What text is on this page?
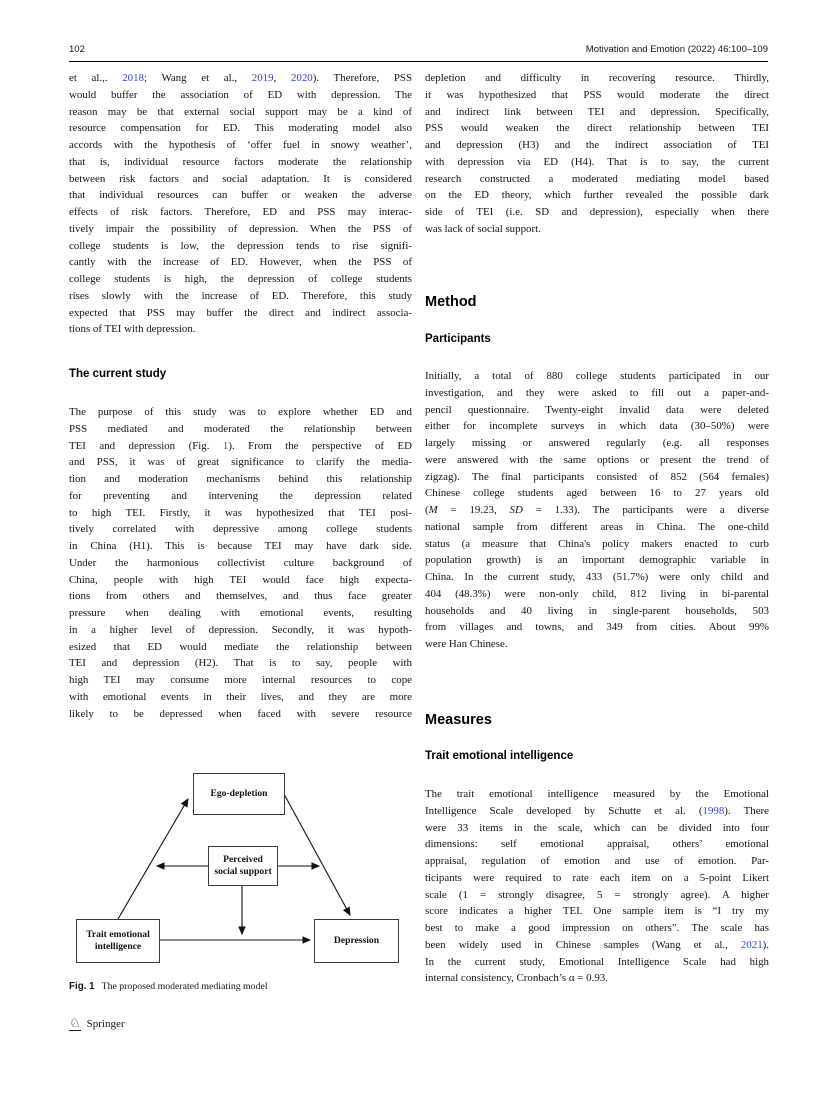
102	Motivation and Emotion (2022) 46:100–109
et al.,. 2018; Wang et al., 2019, 2020). Therefore, PSS
would buffer the association of ED with depression. The
reason may be that external social support may be a kind of
resource compensation for ED. This moderating model also
accords with the hypothesis of ‘offer fuel in snowy weather’,
that is, individual resource factors moderate the relationship
between risk factors and social adaptation. It is considered
that individual resources can buffer or weaken the adverse
effects of risk factors. Therefore, ED and PSS may interac-
tively impair the possibility of depression. When the PSS of
college students is low, the depression tends to rise signifi-
cantly with the increase of ED. However, when the PSS of
college students is high, the depression of college students
rises slowly with the increase of ED. Therefore, this study
expected that PSS may buffer the direct and indirect associa-
tions of TEI with depression.
The current study
The purpose of this study was to explore whether ED and
PSS mediated and moderated the relationship between
TEI and depression (Fig. 1). From the perspective of ED
and PSS, it was of great significance to clarify the media-
tion and moderation mechanisms behind this relationship
for preventing and intervening the depression related
to high TEI. Firstly, it was hypothesized that TEI posi-
tively correlated with depressive among college students
in China (H1). This is because TEI may have dark side.
Under the harmonious collectivist culture background of
China, people with high TEI would face high expecta-
tions from others and themselves, and thus face greater
pressure when dealing with emotional events, resulting
in a higher level of depression. Secondly, it was hypoth-
esized that ED would mediate the relationship between
TEI and depression (H2). That is to say, people with
high TEI may consume more internal resources to cope
with emotional events in their lives, and they are more
likely to be depressed when faced with severe resource
Ego-depletion
Perceived
social support
Trait emotional
intelligence
Depression
Fig. 1 The proposed moderated mediating model
depletion and difficulty in recovering resource. Thirdly,
it was hypothesized that PSS would moderate the direct
and indirect link between TEI and depression. Specifically,
PSS would weaken the direct relationship between TEI
and depression (H3) and the indirect association of TEI
with depression via ED (H4). That is to say, the current
research constructed a moderated mediating model based
on the ED theory, which further revealed the possible dark
side of TEI (i.e. SD and depression), especially when there
was lack of social support.
Method
Participants
Initially, a total of 880 college students participated in our
investigation, and they were asked to fill out a paper-and-
pencil questionnaire. Twenty-eight invalid data were deleted
either for incomplete surveys in which data (30–50%) were
largely missing or answered regularly (e.g. all responses
were answered with the same options or present the trend of
zigzag). The final participants consisted of 852 (564 females)
Chinese college students aged between 16 to 27 years old
(M = 19.23, SD = 1.33). The participants were a diverse
national sample from different areas in China. The one-child
status (a measure that China's policy makers enacted to curb
population growth) is an important demographic variable in
China. In the current study, 433 (51.7%) were only child and
404 (48.3%) were non-only child, 812 living in bi-parental
households and 40 living in single-parent households, 503
from villages and towns, and 349 from cities. About 99%
were Han Chinese.
Measures
Trait emotional intelligence
The trait emotional intelligence measured by the Emotional
Intelligence Scale developed by Schutte et al. (1998). There
were 33 items in the scale, which can be divided into four
dimensions: self emotional appraisal, others’ emotional
appraisal, regulation of emotion and use of emotion. Par-
ticipants were required to rate each item on a 5-point Likert
scale (1 = strongly disagree, 5 = strongly agree). A higher
score indicates a higher TEI. One sample item is “I try my
best to make a good impression on others”. The scale has
been widely used in Chinese samples (Wang et al., 2021).
In the current study, Emotional Intelligence Scale had high
internal consistency, Cronbach’s α = 0.93.
♘ Springer
